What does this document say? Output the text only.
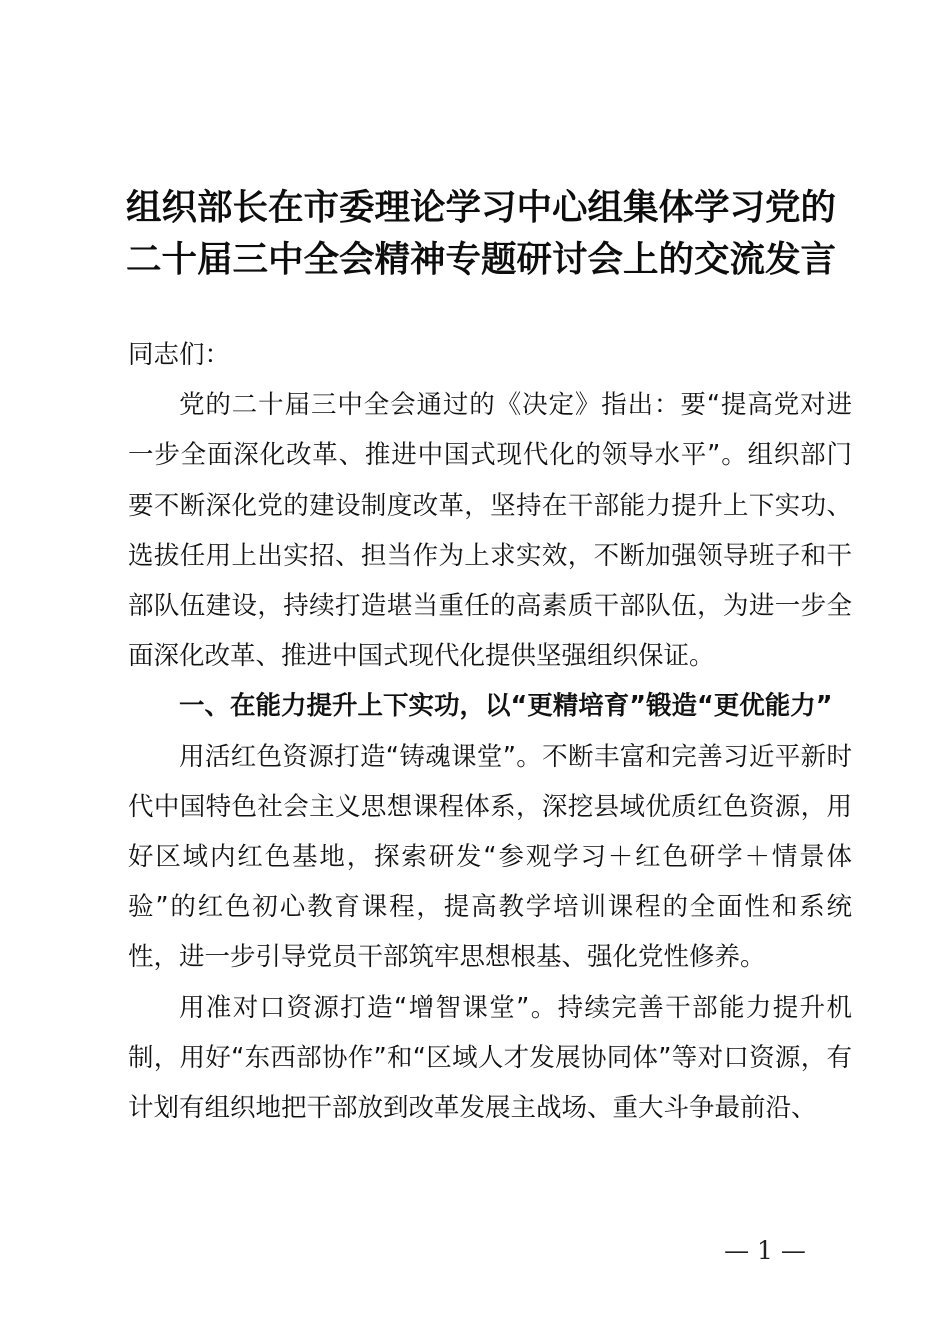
组织部长在市委理论学习中心组集体学习党的
二十届三中全会精神专题研讨会上的交流发言

同志们：

党的二十届三中全会通过的《决定》指出：要“提高党对进一步全面深化改革、推进中国式现代化的领导水平”。组织部门要不断深化党的建设制度改革，坚持在干部能力提升上下实功、选拔任用上出实招、担当作为上求实效，不断加强领导班子和干部队伍建设，持续打造堪当重任的高素质干部队伍，为进一步全面深化改革、推进中国式现代化提供坚强组织保证。

一、在能力提升上下实功，以“更精培育”锻造“更优能力”

用活红色资源打造“铸魂课堂”。不断丰富和完善习近平新时代中国特色社会主义思想课程体系，深挖县域优质红色资源，用好区域内红色基地，探索研发“参观学习＋红色研学＋情景体验”的红色初心教育课程，提高教学培训课程的全面性和系统性，进一步引导党员干部筑牢思想根基、强化党性修养。

用准对口资源打造“增智课堂”。持续完善干部能力提升机制，用好“东西部协作”和“区域人才发展协同体”等对口资源，有计划有组织地把干部放到改革发展主战场、重大斗争最前沿、

— 1 —
